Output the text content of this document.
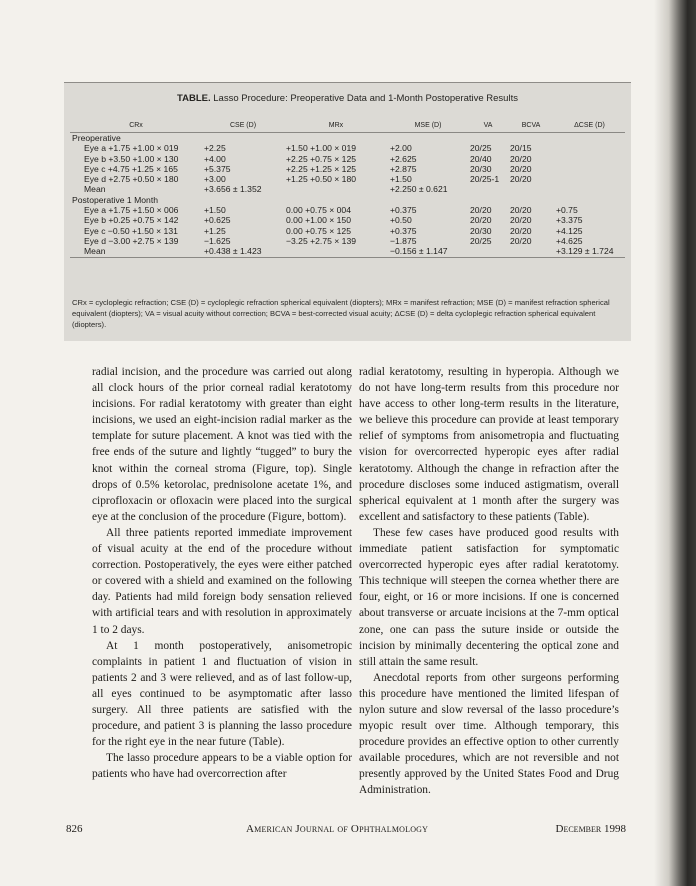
TABLE. Lasso Procedure: Preoperative Data and 1-Month Postoperative Results
CRx	CSE (D)	MRx	MSE (D)	VA	BCVA	ΔCSE (D)
Preoperative						
Eye a +1.75 +1.00 × 019	+2.25	+1.50 +1.00 × 019	+2.00	20/25	20/15	
Eye b +3.50 +1.00 × 130	+4.00	+2.25 +0.75 × 125	+2.625	20/40	20/20	
Eye c +4.75 +1.25 × 165	+5.375	+2.25 +1.25 × 125	+2.875	20/30	20/20	
Eye d +2.75 +0.50 × 180	+3.00	+1.25 +0.50 × 180	+1.50	20/25-1	20/20	
Mean	+3.656 ± 1.352		+2.250 ± 0.621			
Postoperative 1 Month						
Eye a +1.75 +1.50 × 006	+1.50	0.00 +0.75 × 004	+0.375	20/20	20/20	+0.75
Eye b +0.25 +0.75 × 142	+0.625	0.00 +1.00 × 150	+0.50	20/20	20/20	+3.375
Eye c −0.50 +1.50 × 131	+1.25	0.00 +0.75 × 125	+0.375	20/30	20/20	+4.125
Eye d −3.00 +2.75 × 139	−1.625	−3.25 +2.75 × 139	−1.875	20/25	20/20	+4.625
Mean	+0.438 ± 1.423		−0.156 ± 1.147			+3.129 ± 1.724
CRx = cycloplegic refraction; CSE (D) = cycloplegic refraction spherical equivalent (diopters); MRx = manifest refraction; MSE (D) = manifest refraction spherical equivalent (diopters); VA = visual acuity without correction; BCVA = best-corrected visual acuity; ΔCSE (D) = delta cycloplegic refraction spherical equivalent (diopters).

radial incision, and the procedure was carried out along all clock hours of the prior corneal radial keratotomy incisions. For radial keratotomy with greater than eight incisions, we used an eight-incision radial marker as the template for suture placement. A knot was tied with the free ends of the suture and lightly “tugged” to bury the knot within the corneal stroma (Figure, top). Single drops of 0.5% ketorolac, prednisolone acetate 1%, and ciprofloxacin or ofloxacin were placed into the surgical eye at the conclusion of the procedure (Figure, bottom).

All three patients reported immediate improvement of visual acuity at the end of the procedure without correction. Postoperatively, the eyes were either patched or covered with a shield and examined on the following day. Patients had mild foreign body sensation relieved with artificial tears and with resolution in approximately 1 to 2 days.

At 1 month postoperatively, anisometropic complaints in patient 1 and fluctuation of vision in patients 2 and 3 were relieved, and as of last follow-up, all eyes continued to be asymptomatic after lasso surgery. All three patients are satisfied with the procedure, and patient 3 is planning the lasso procedure for the right eye in the near future (Table).

The lasso procedure appears to be a viable option for patients who have had overcorrection after

radial keratotomy, resulting in hyperopia. Although we do not have long-term results from this procedure nor have access to other long-term results in the literature, we believe this procedure can provide at least temporary relief of symptoms from anisometropia and fluctuating vision for overcorrected hyperopic eyes after radial keratotomy. Although the change in refraction after the procedure discloses some induced astigmatism, overall spherical equivalent at 1 month after the surgery was excellent and satisfactory to these patients (Table).

These few cases have produced good results with immediate patient satisfaction for symptomatic overcorrected hyperopic eyes after radial keratotomy. This technique will steepen the cornea whether there are four, eight, or 16 or more incisions. If one is concerned about transverse or arcuate incisions at the 7-mm optical zone, one can pass the suture inside or outside the incision by minimally decentering the optical zone and still attain the same result.

Anecdotal reports from other surgeons performing this procedure have mentioned the limited lifespan of nylon suture and slow reversal of the lasso procedure’s myopic result over time. Although temporary, this procedure provides an effective option to other currently available procedures, which are not reversible and not presently approved by the United States Food and Drug Administration.

826	American Journal of Ophthalmology	December 1998
